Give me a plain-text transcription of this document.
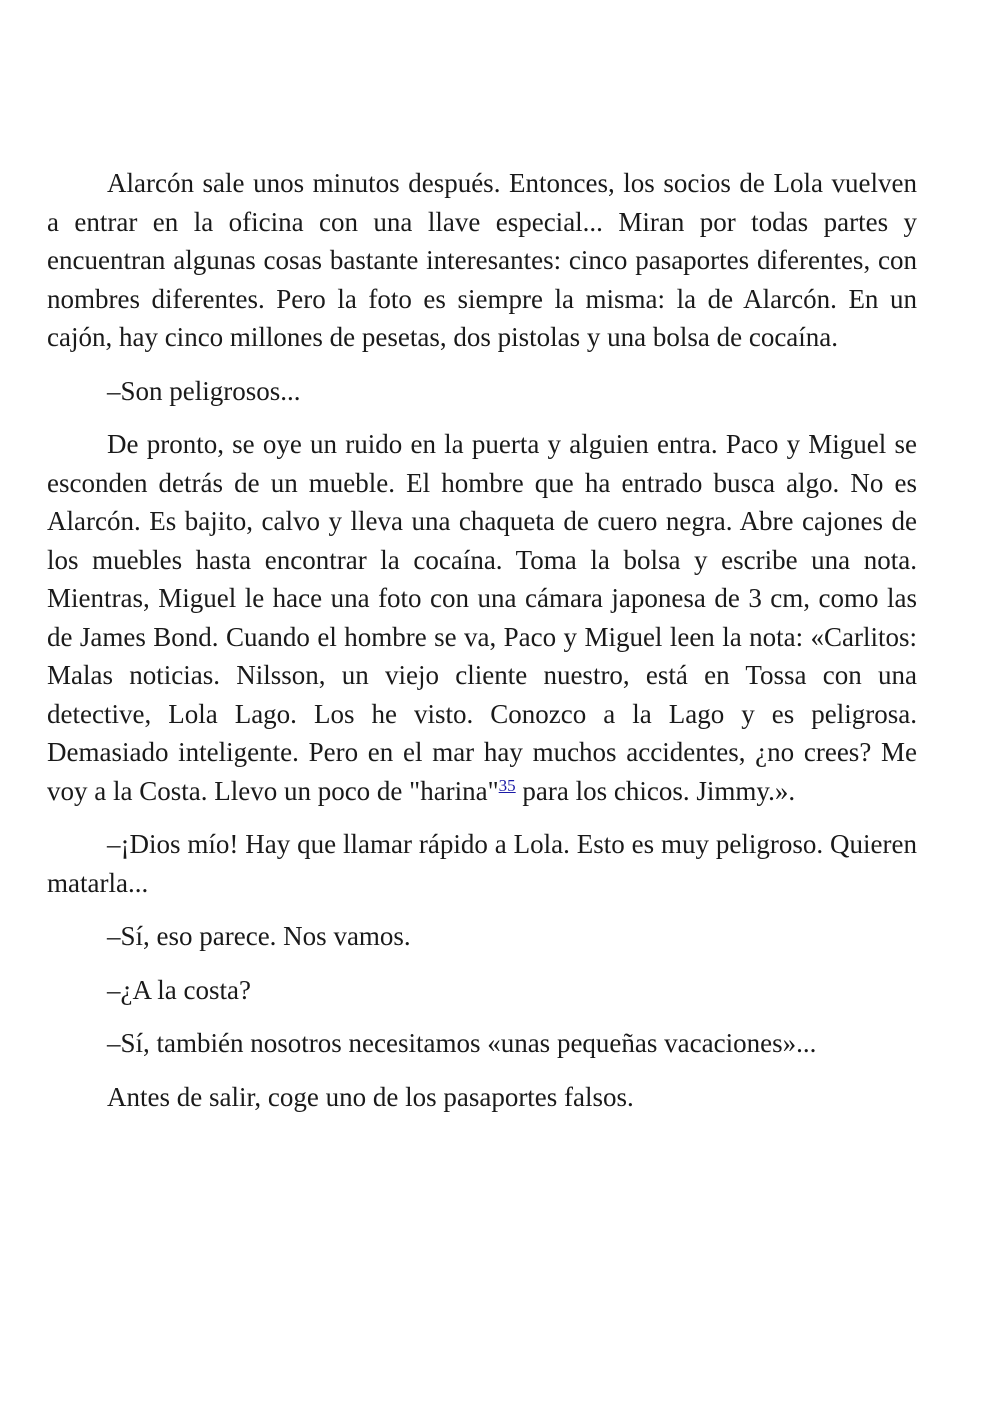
Alarcón sale unos minutos después. Entonces, los socios de Lola vuelven a entrar en la oficina con una llave especial... Miran por todas partes y encuentran algunas cosas bastante interesantes: cinco pasaportes diferentes, con nombres diferentes. Pero la foto es siempre la misma: la de Alarcón. En un cajón, hay cinco millones de pesetas, dos pistolas y una bolsa de cocaína.

–Son peligrosos...

De pronto, se oye un ruido en la puerta y alguien entra. Paco y Miguel se esconden detrás de un mueble. El hombre que ha entrado busca algo. No es Alarcón. Es bajito, calvo y lleva una chaqueta de cuero negra. Abre cajones de los muebles hasta encontrar la cocaína. Toma la bolsa y escribe una nota. Mientras, Miguel le hace una foto con una cámara japonesa de 3 cm, como las de James Bond. Cuando el hombre se va, Paco y Miguel leen la nota: «Carlitos: Malas noticias. Nilsson, un viejo cliente nuestro, está en Tossa con una detective, Lola Lago. Los he visto. Conozco a la Lago y es peligrosa. Demasiado inteligente. Pero en el mar hay muchos accidentes, ¿no crees? Me voy a la Costa. Llevo un poco de "harina"$^{35}$ para los chicos. Jimmy.».

–¡Dios mío! Hay que llamar rápido a Lola. Esto es muy peligroso. Quieren matarla...

–Sí, eso parece. Nos vamos.

–¿A la costa?

–Sí, también nosotros necesitamos «unas pequeñas vacaciones»...

Antes de salir, coge uno de los pasaportes falsos.
